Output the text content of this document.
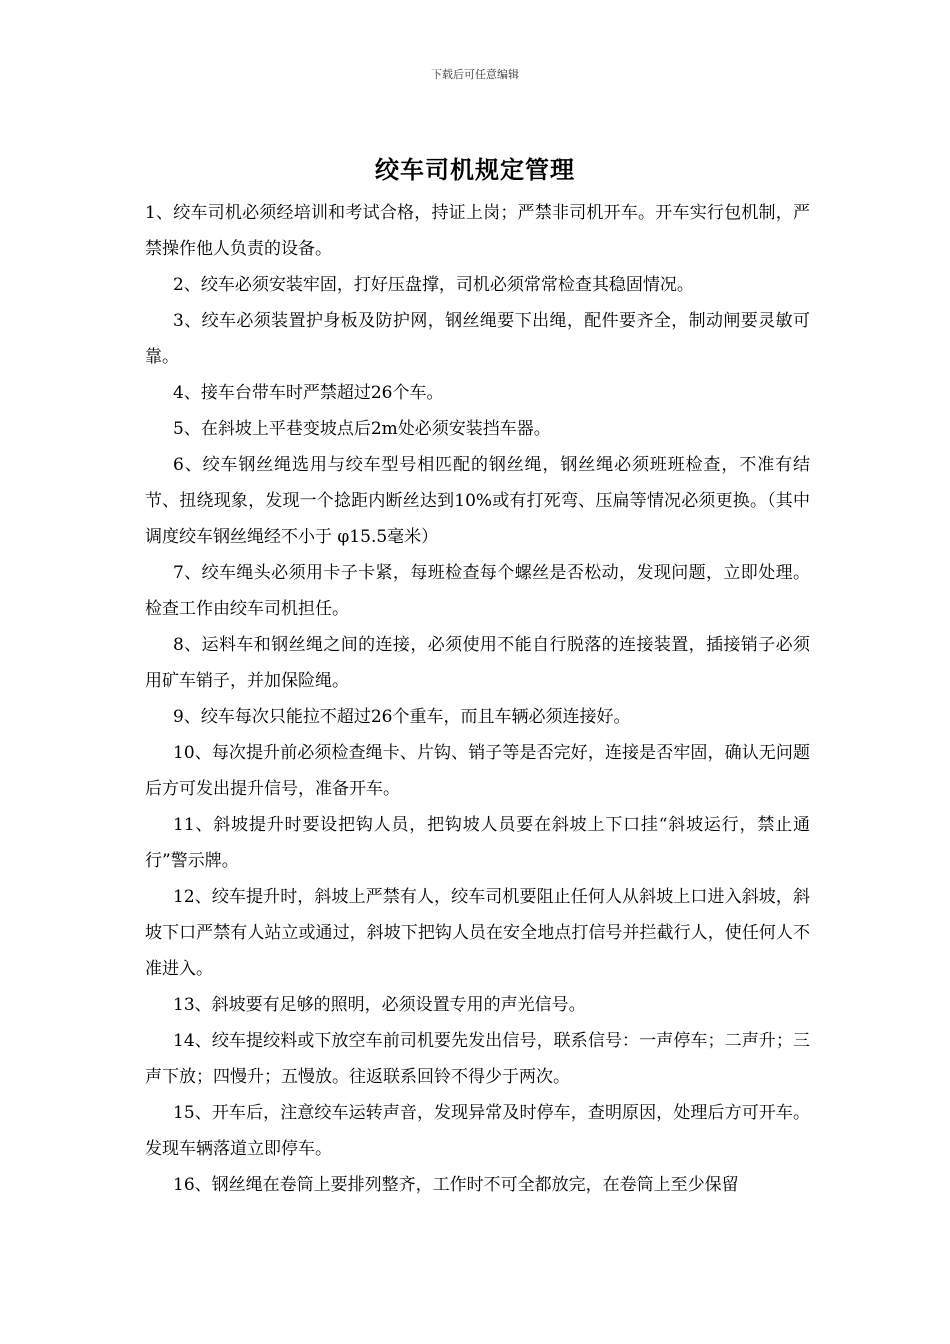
下载后可任意编辑
绞车司机规定管理

1、绞车司机必须经培训和考试合格，持证上岗；严禁非司机开车。开车实行包机制，严禁操作他人负责的设备。

2、绞车必须安装牢固，打好压盘撑，司机必须常常检查其稳固情况。

3、绞车必须装置护身板及防护网，钢丝绳要下出绳，配件要齐全，制动闸要灵敏可靠。

4、接车台带车时严禁超过26个车。

5、在斜坡上平巷变坡点后2m处必须安装挡车器。

6、绞车钢丝绳选用与绞车型号相匹配的钢丝绳，钢丝绳必须班班检查，不准有结节、扭绕现象，发现一个捻距内断丝达到10%或有打死弯、压扁等情况必须更换。（其中调度绞车钢丝绳经不小于 φ15.5毫米）

7、绞车绳头必须用卡子卡紧，每班检查每个螺丝是否松动，发现问题，立即处理。检查工作由绞车司机担任。

8、运料车和钢丝绳之间的连接，必须使用不能自行脱落的连接装置，插接销子必须用矿车销子，并加保险绳。

9、绞车每次只能拉不超过26个重车，而且车辆必须连接好。

10、每次提升前必须检查绳卡、片钩、销子等是否完好，连接是否牢固，确认无问题后方可发出提升信号，准备开车。

11、斜坡提升时要设把钩人员，把钩坡人员要在斜坡上下口挂“斜坡运行，禁止通行”警示牌。

12、绞车提升时，斜坡上严禁有人，绞车司机要阻止任何人从斜坡上口进入斜坡，斜坡下口严禁有人站立或通过，斜坡下把钩人员在安全地点打信号并拦截行人，使任何人不准进入。

13、斜坡要有足够的照明，必须设置专用的声光信号。

14、绞车提绞料或下放空车前司机要先发出信号，联系信号：一声停车；二声升；三声下放；四慢升；五慢放。往返联系回铃不得少于两次。

15、开车后，注意绞车运转声音，发现异常及时停车，查明原因，处理后方可开车。发现车辆落道立即停车。

16、钢丝绳在卷筒上要排列整齐，工作时不可全都放完，在卷筒上至少保留
